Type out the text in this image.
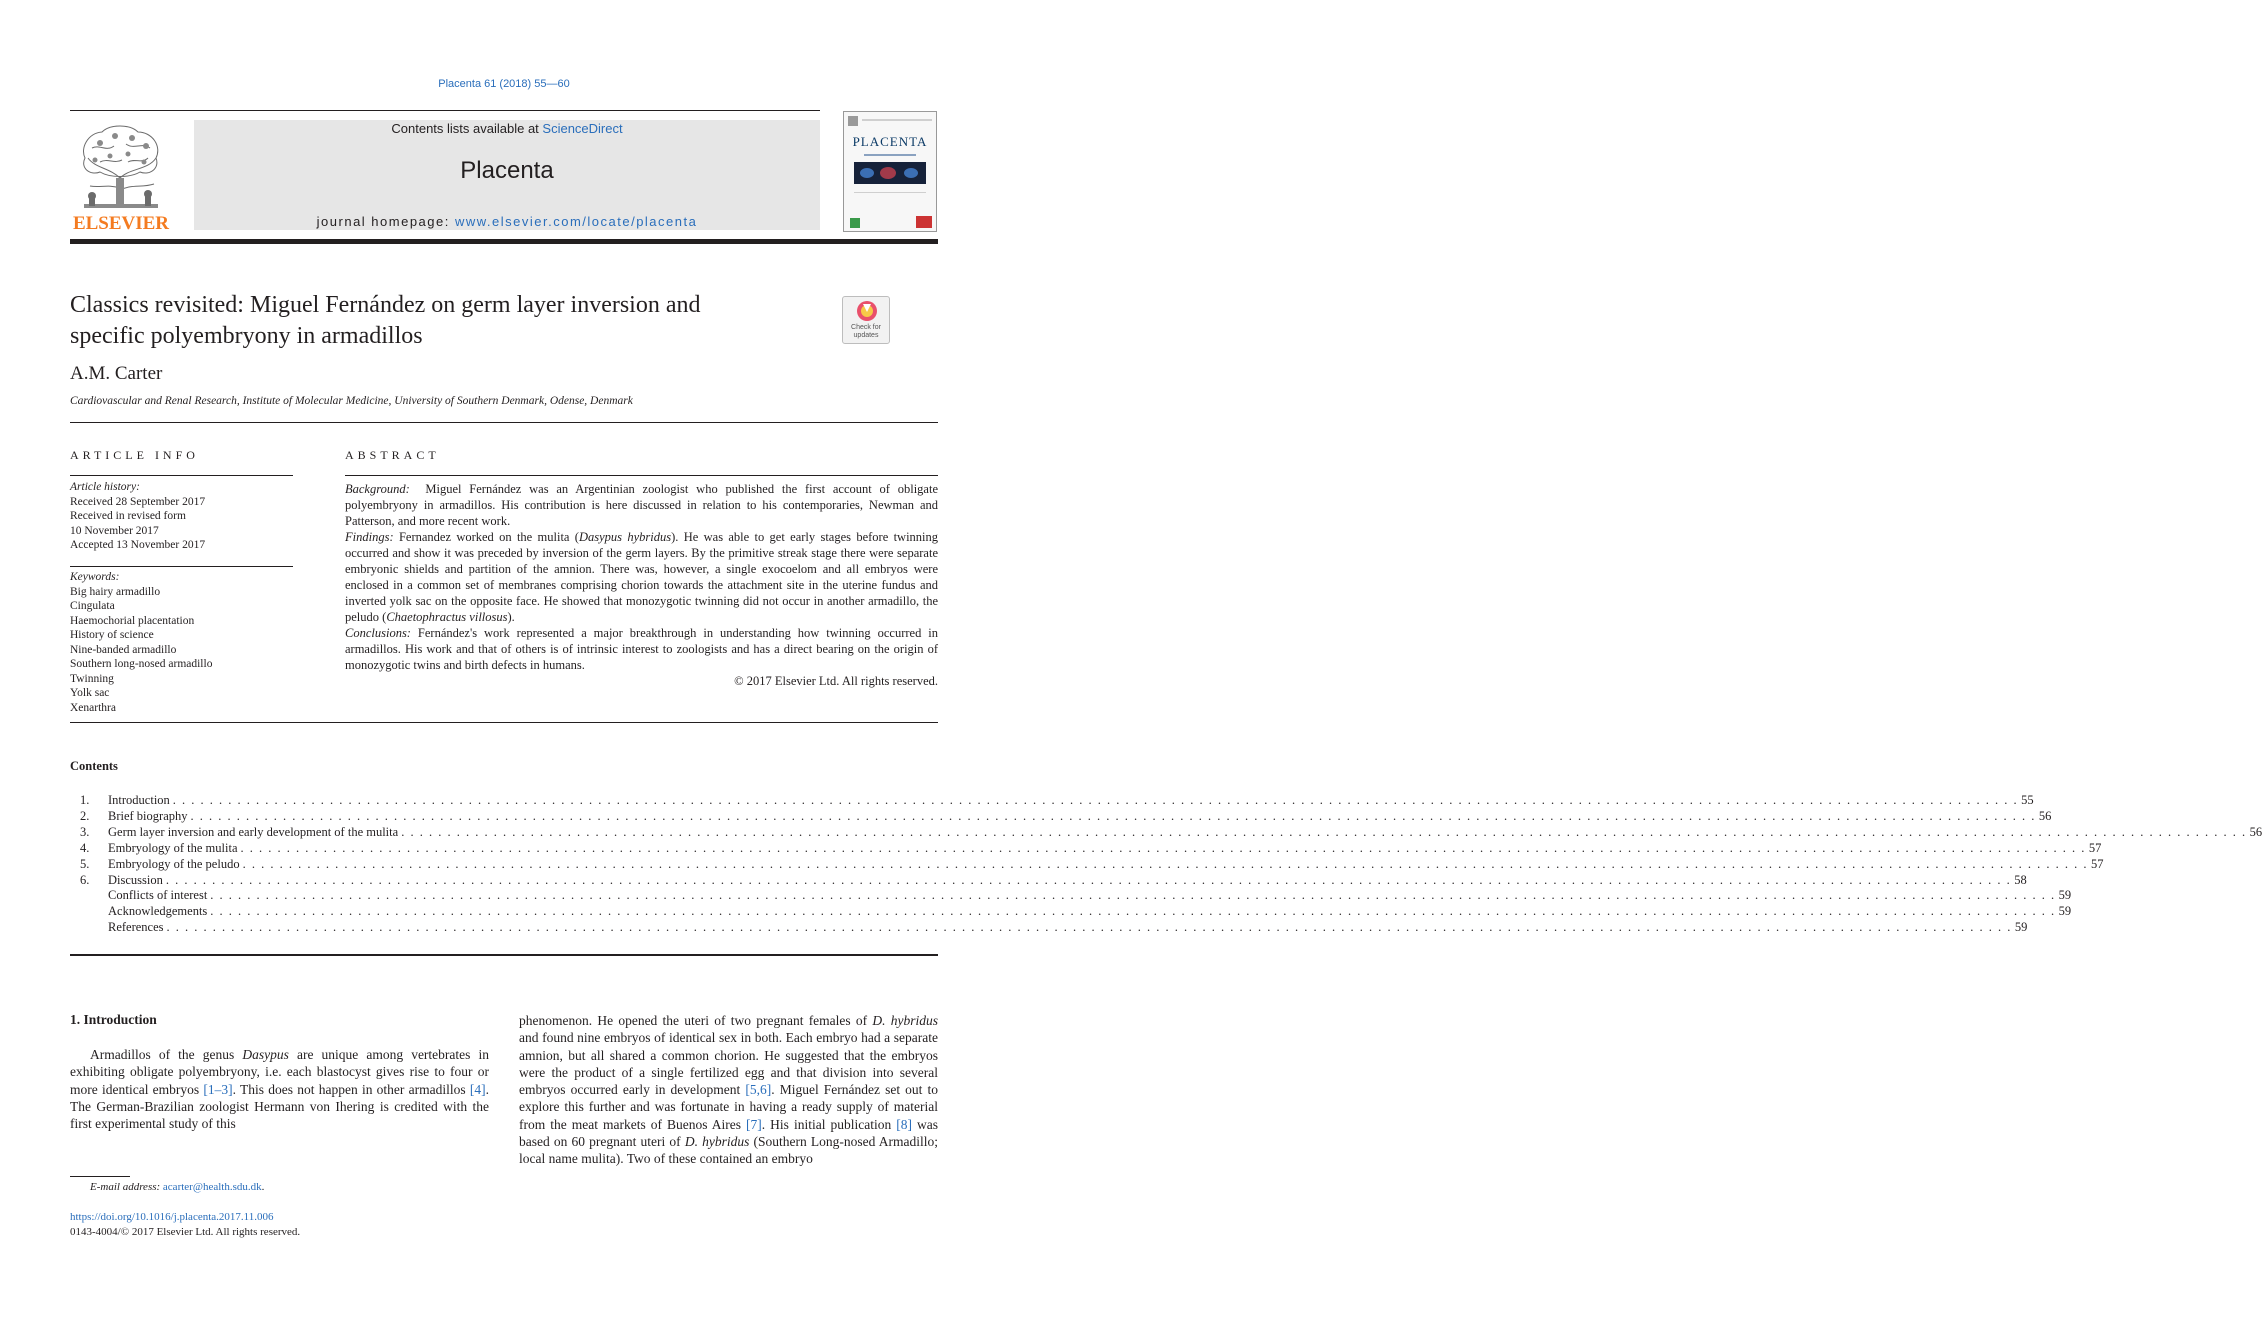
Placenta 61 (2018) 55—60
ELSEVIER
Contents lists available at ScienceDirect
Placenta
journal homepage: www.elsevier.com/locate/placenta
PLACENTA
Classics revisited: Miguel Fernández on germ layer inversion and
specific polyembryony in armadillos	Check for
updates
A.M. Carter
Cardiovascular and Renal Research, Institute of Molecular Medicine, University of Southern Denmark, Odense, Denmark
ARTICLE INFO
Article history:
Received 28 September 2017
Received in revised form
10 November 2017
Accepted 13 November 2017
Keywords:
Big hairy armadillo
Cingulata
Haemochorial placentation
History of science
Nine-banded armadillo
Southern long-nosed armadillo
Twinning
Yolk sac
Xenarthra
ABSTRACT

Background: Miguel Fernández was an Argentinian zoologist who published the first account of obligate polyembryony in armadillos. His contribution is here discussed in relation to his contemporaries, Newman and Patterson, and more recent work.

Findings: Fernandez worked on the mulita (Dasypus hybridus). He was able to get early stages before twinning occurred and show it was preceded by inversion of the germ layers. By the primitive streak stage there were separate embryonic shields and partition of the amnion. There was, however, a single exocoelom and all embryos were enclosed in a common set of membranes comprising chorion towards the attachment site in the uterine fundus and inverted yolk sac on the opposite face. He showed that monozygotic twinning did not occur in another armadillo, the peludo (Chaetophractus villosus).

Conclusions: Fernández's work represented a major breakthrough in understanding how twinning occurred in armadillos. His work and that of others is of intrinsic interest to zoologists and has a direct bearing on the origin of monozygotic twins and birth defects in humans.

© 2017 Elsevier Ltd. All rights reserved.

Contents
1.	Introduction . . . . . . . . . . . . . . . . . . . . . . . . . . . . . . . . . . . . . . . . . . . . . . . . . . . . . . . . . . . . . . . . . . . . . . . . . . . . . . . . . . . . . . . . . . . . . . . . . . . . . . . . . . . . . . . . . . . . . . . . . . . . . . . . . . . . . . . . . . . . . . . . . . . . . . . . . . . . . . . . . . . . . . . . . . . . . . . . . . . . . . . . . . . . . . . . . . . . . . . . 55
2.	Brief biography . . . . . . . . . . . . . . . . . . . . . . . . . . . . . . . . . . . . . . . . . . . . . . . . . . . . . . . . . . . . . . . . . . . . . . . . . . . . . . . . . . . . . . . . . . . . . . . . . . . . . . . . . . . . . . . . . . . . . . . . . . . . . . . . . . . . . . . . . . . . . . . . . . . . . . . . . . . . . . . . . . . . . . . . . . . . . . . . . . . . . . . . . . . . . . . . . . . . . . . . 56
3.	Germ layer inversion and early development of the mulita . . . . . . . . . . . . . . . . . . . . . . . . . . . . . . . . . . . . . . . . . . . . . . . . . . . . . . . . . . . . . . . . . . . . . . . . . . . . . . . . . . . . . . . . . . . . . . . . . . . . . . . . . . . . . . . . . . . . . . . . . . . . . . . . . . . . . . . . . . . . . . . . . . . . . . . . . . . . . . . . . . . . . . . . . . . . . . . . . . . . . . . . . . . . . . . . . . . . . . . . 56
4.	Embryology of the mulita . . . . . . . . . . . . . . . . . . . . . . . . . . . . . . . . . . . . . . . . . . . . . . . . . . . . . . . . . . . . . . . . . . . . . . . . . . . . . . . . . . . . . . . . . . . . . . . . . . . . . . . . . . . . . . . . . . . . . . . . . . . . . . . . . . . . . . . . . . . . . . . . . . . . . . . . . . . . . . . . . . . . . . . . . . . . . . . . . . . . . . . . . . . . . . . . . . . . . . . . 57
5.	Embryology of the peludo . . . . . . . . . . . . . . . . . . . . . . . . . . . . . . . . . . . . . . . . . . . . . . . . . . . . . . . . . . . . . . . . . . . . . . . . . . . . . . . . . . . . . . . . . . . . . . . . . . . . . . . . . . . . . . . . . . . . . . . . . . . . . . . . . . . . . . . . . . . . . . . . . . . . . . . . . . . . . . . . . . . . . . . . . . . . . . . . . . . . . . . . . . . . . . . . . . . . . . . . 57
6.	Discussion . . . . . . . . . . . . . . . . . . . . . . . . . . . . . . . . . . . . . . . . . . . . . . . . . . . . . . . . . . . . . . . . . . . . . . . . . . . . . . . . . . . . . . . . . . . . . . . . . . . . . . . . . . . . . . . . . . . . . . . . . . . . . . . . . . . . . . . . . . . . . . . . . . . . . . . . . . . . . . . . . . . . . . . . . . . . . . . . . . . . . . . . . . . . . . . . . . . . . . . . 58
Conflicts of interest . . . . . . . . . . . . . . . . . . . . . . . . . . . . . . . . . . . . . . . . . . . . . . . . . . . . . . . . . . . . . . . . . . . . . . . . . . . . . . . . . . . . . . . . . . . . . . . . . . . . . . . . . . . . . . . . . . . . . . . . . . . . . . . . . . . . . . . . . . . . . . . . . . . . . . . . . . . . . . . . . . . . . . . . . . . . . . . . . . . . . . . . . . . . . . . . . . . . . . . . 59
Acknowledgements . . . . . . . . . . . . . . . . . . . . . . . . . . . . . . . . . . . . . . . . . . . . . . . . . . . . . . . . . . . . . . . . . . . . . . . . . . . . . . . . . . . . . . . . . . . . . . . . . . . . . . . . . . . . . . . . . . . . . . . . . . . . . . . . . . . . . . . . . . . . . . . . . . . . . . . . . . . . . . . . . . . . . . . . . . . . . . . . . . . . . . . . . . . . . . . . . . . . . . . . 59
References . . . . . . . . . . . . . . . . . . . . . . . . . . . . . . . . . . . . . . . . . . . . . . . . . . . . . . . . . . . . . . . . . . . . . . . . . . . . . . . . . . . . . . . . . . . . . . . . . . . . . . . . . . . . . . . . . . . . . . . . . . . . . . . . . . . . . . . . . . . . . . . . . . . . . . . . . . . . . . . . . . . . . . . . . . . . . . . . . . . . . . . . . . . . . . . . . . . . . . . . 59
1. Introduction
Armadillos of the genus Dasypus are unique among vertebrates in exhibiting obligate polyembryony, i.e. each blastocyst gives rise to four or more identical embryos [1–3]. This does not happen in other armadillos [4]. The German-Brazilian zoologist Hermann von Ihering is credited with the first experimental study of this
phenomenon. He opened the uteri of two pregnant females of D. hybridus and found nine embryos of identical sex in both. Each embryo had a separate amnion, but all shared a common chorion. He suggested that the embryos were the product of a single fertilized egg and that division into several embryos occurred early in development [5,6]. Miguel Fernández set out to explore this further and was fortunate in having a ready supply of material from the meat markets of Buenos Aires [7]. His initial publication [8] was based on 60 pregnant uteri of D. hybridus (Southern Long-nosed Armadillo; local name mulita). Two of these contained an embryo
E-mail address: acarter@health.sdu.dk.
https://doi.org/10.1016/j.placenta.2017.11.006
0143-4004/© 2017 Elsevier Ltd. All rights reserved.
